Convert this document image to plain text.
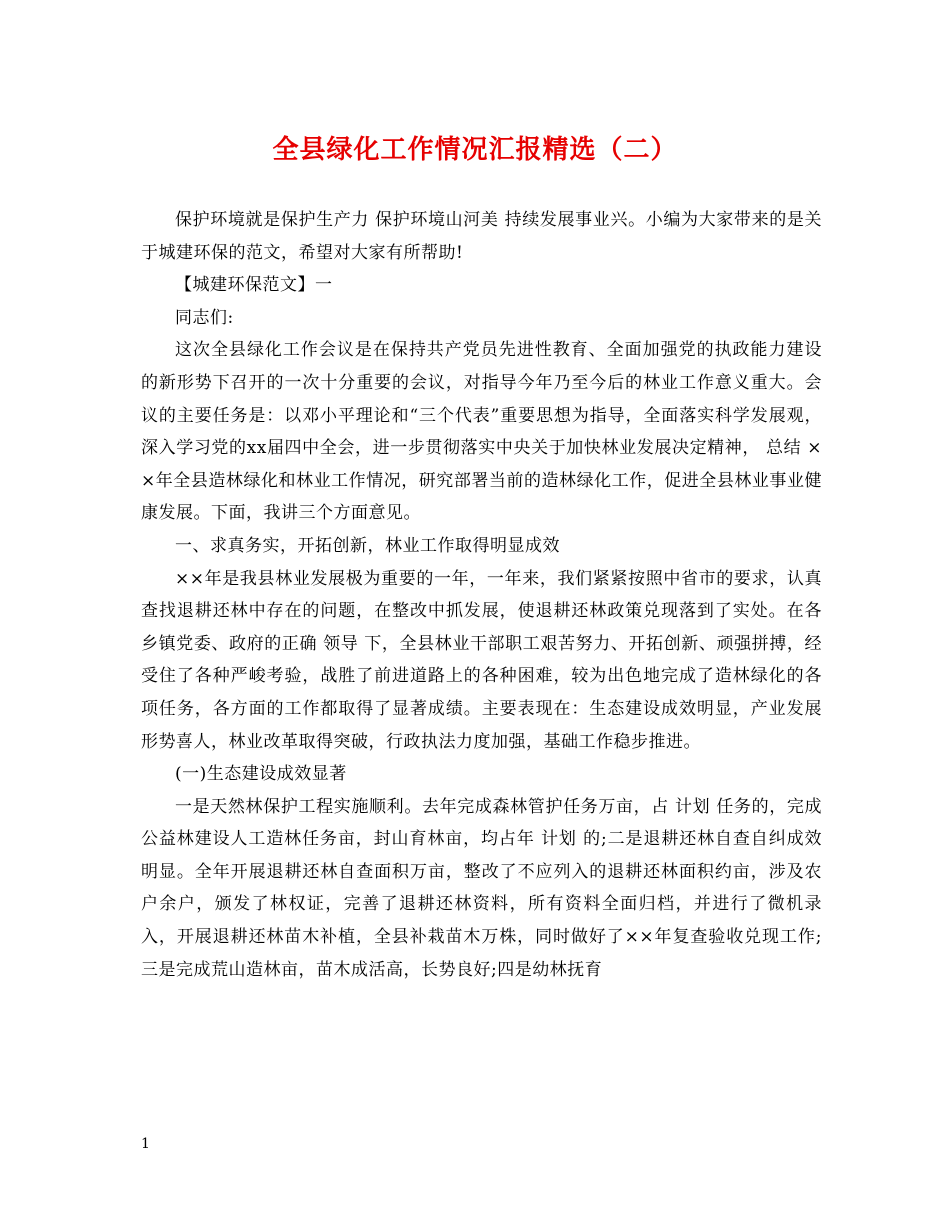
全县绿化工作情况汇报精选（二）

保护环境就是保护生产力 保护环境山河美 持续发展事业兴。小编为大家带来的是关于城建环保的范文，希望对大家有所帮助!

【城建环保范文】一

同志们:

这次全县绿化工作会议是在保持共产党员先进性教育、全面加强党的执政能力建设的新形势下召开的一次十分重要的会议，对指导今年乃至今后的林业工作意义重大。会议的主要任务是：以邓小平理论和“三个代表”重要思想为指导，全面落实科学发展观，深入学习党的xx届四中全会，进一步贯彻落实中央关于加快林业发展决定精神， 总结 ××年全县造林绿化和林业工作情况，研究部署当前的造林绿化工作，促进全县林业事业健康发展。下面，我讲三个方面意见。

一、求真务实，开拓创新，林业工作取得明显成效

××年是我县林业发展极为重要的一年，一年来，我们紧紧按照中省市的要求，认真查找退耕还林中存在的问题，在整改中抓发展，使退耕还林政策兑现落到了实处。在各乡镇党委、政府的正确 领导 下，全县林业干部职工艰苦努力、开拓创新、顽强拼搏，经受住了各种严峻考验，战胜了前进道路上的各种困难，较为出色地完成了造林绿化的各项任务，各方面的工作都取得了显著成绩。主要表现在：生态建设成效明显，产业发展形势喜人，林业改革取得突破，行政执法力度加强，基础工作稳步推进。

(一)生态建设成效显著

一是天然林保护工程实施顺利。去年完成森林管护任务万亩，占 计划 任务的，完成公益林建设人工造林任务亩，封山育林亩，均占年 计划 的;二是退耕还林自查自纠成效明显。全年开展退耕还林自查面积万亩，整改了不应列入的退耕还林面积约亩，涉及农户余户，颁发了林权证，完善了退耕还林资料，所有资料全面归档，并进行了微机录入，开展退耕还林苗木补植，全县补栽苗木万株，同时做好了××年复查验收兑现工作;三是完成荒山造林亩，苗木成活高，长势良好;四是幼林抚育

1
